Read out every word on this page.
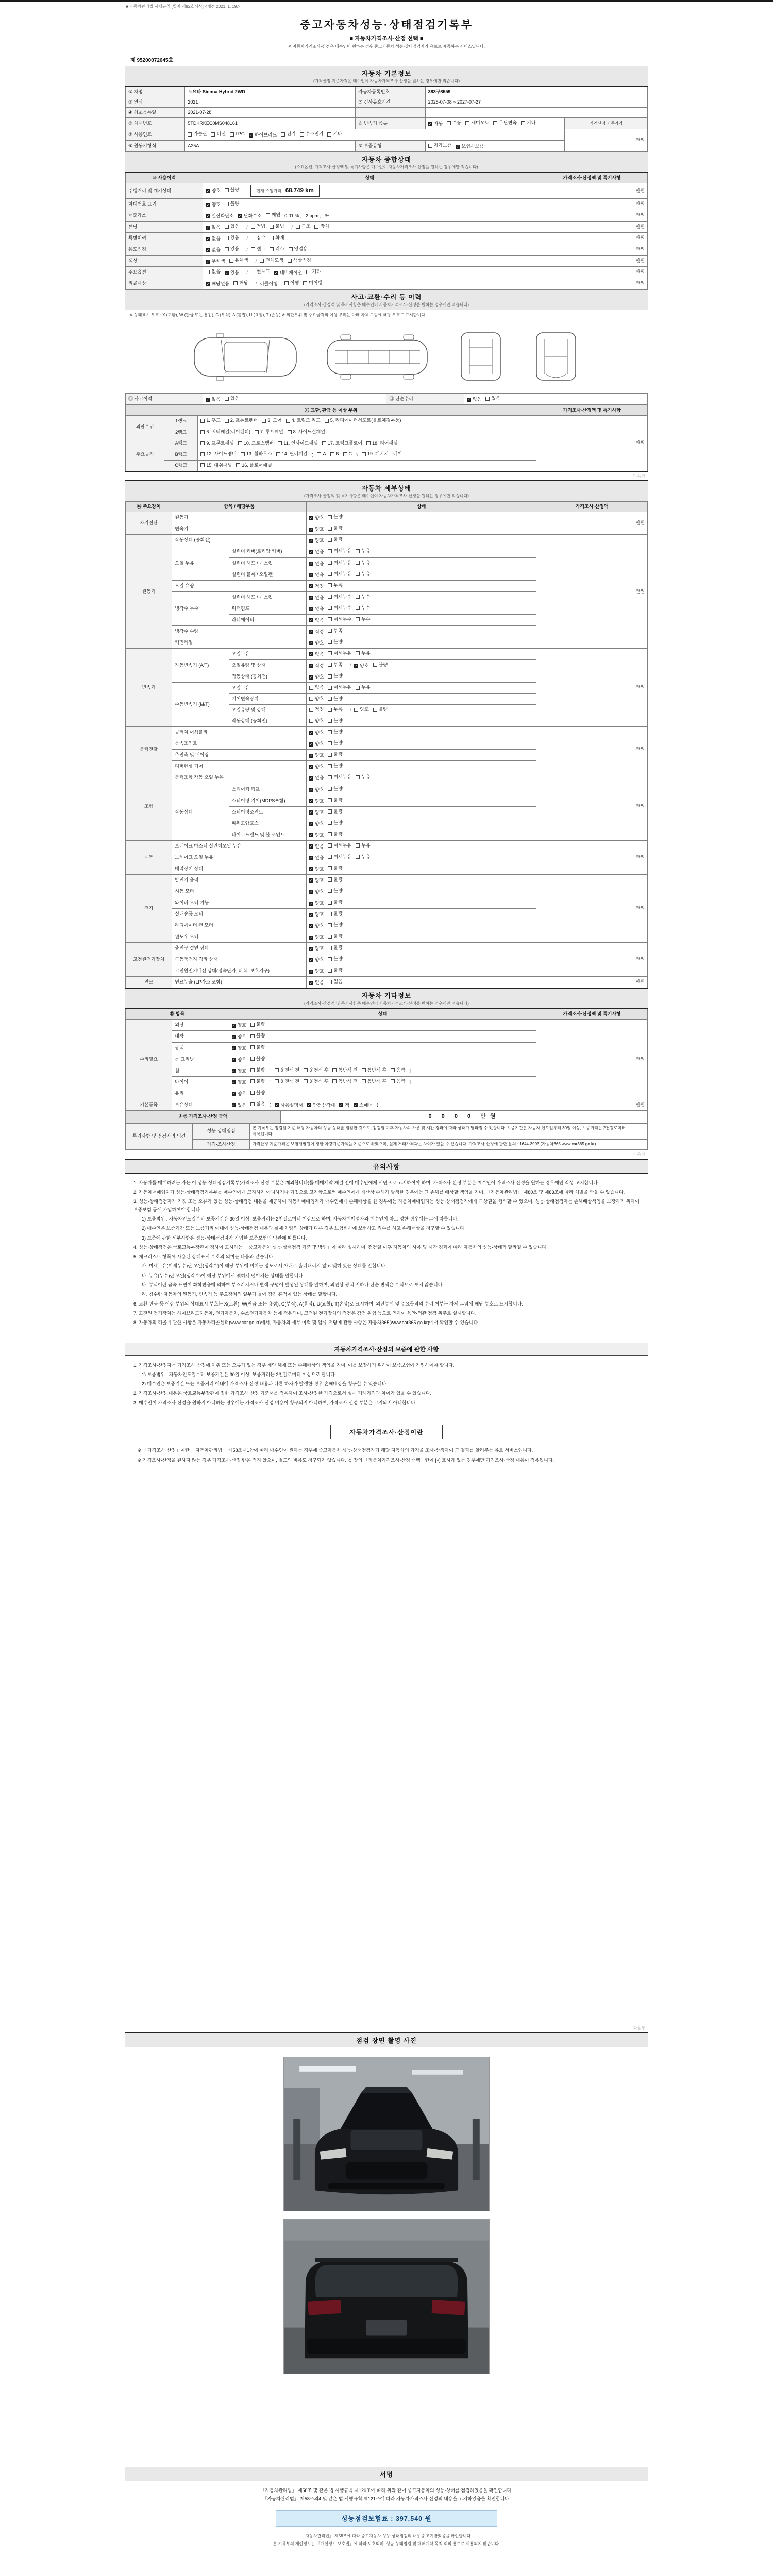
■ 자동차관리법 시행규칙 [별지 제82호서식] <개정 2021. 1. 19.>
중고자동차성능·상태점검기록부
■ 자동차가격조사·산정 선택 ■
※ 자동차가격조사·산정은 매수인이 원하는 경우 중고자동차 성능·상태점검자가 유료로 제공하는 서비스입니다.
제 95200072645호
자동차 기본정보
(가격산정 기준가격은 매수인이 자동차가격조사·산정을 원하는 경우에만 적습니다)
① 차명	토요타 Sienna Hybrid 2WD	자동차등록번호	383구8559	
② 연식	2021	③ 검사유효기간	2025-07-08 ~ 2027-07-27	
④ 최초등록일	2021-07-28			
⑤ 차대번호	5TDKRKEC0MS048161	⑥ 변속기 종류	✓ 자동 수동 세미오토 무단변속 기타	가격산정 기준가격
⑦ 사용연료	가솔린 디젤 LPG ✓ 하이브리드 전기 수소전기 기타
	만원
⑧ 원동기형식	A25A	⑨ 보증유형	자가보증 ✓ 보험사보증	
자동차 종합상태
(주요옵션, 가격조사·산정액 및 특기사항은 매수인이 자동차가격조사·산정을 원하는 경우에만 적습니다)
⑩ 사용이력	상태	가격조사·산정액 및 특기사항
주행거리 및 계기상태	✓ 양호 불량 현재 주행거리 68,749 km	만원
차대번호 표기	✓ 양호 불량	만원
배출가스	✓ 일산화탄소 ✓ 탄화수소 매연 0.01 % , 2 ppm , %	만원
튜닝	✓ 없음 있음 / 적법 불법 / 구조 장치	만원
특별이력	✓ 없음 있음 / 침수 화재	만원
용도변경	✓ 없음 있음 / 렌트 리스 영업용	만원
색상	✓ 무채색 유채색 / 전체도색 색상변경	만원
주요옵션	없음 ✓ 있음 / 썬루프 ✓ 네비게이션 기타	만원
리콜대상	✓ 해당없음 해당 / 리콜이행 : 이행 미이행	만원
사고·교환·수리 등 이력
(가격조사·산정액 및 특기사항은 매수인이 자동차가격조사·산정을 원하는 경우에만 적습니다)
※ 상태표시 부호 : X (교환), W (판금 또는 용접), C (부식), A (흠집), U (요철), T (손상) ※ 외판부위 및 주요골격의 이상 부위는 아래 차체 그림에 해당 부호로 표시합니다.
⑪ 사고이력	✓ 없음 있음	⑫ 단순수리	✓ 없음 있음
⑬ 교환, 판금 등 이상 부위			가격조사·산정액 및 특기사항
외판부위	1랭크	1. 후드 2. 프론트펜더 3. 도어 4. 트렁크 리드 5. 라디에이터서포트(볼트체결부품)	만원
	2랭크	6. 쿼터패널(리어펜더) 7. 루프패널 8. 사이드실패널	

주요골격	A랭크	9. 프론트패널 10. 크로스멤버 11. 인사이드패널 17. 트렁크플로어 18. 리어패널	

B랭크	12. 사이드멤버 13. 휠하우스 14. 필러패널 ( A B C ) 19. 패키지트레이

	C랭크	15. 대쉬패널 16. 플로어패널	
다음장
자동차 세부상태
(가격조사·산정액 및 특기사항은 매수인이 자동차가격조사·산정을 원하는 경우에만 적습니다)
⑭ 주요장치	항목 / 해당부품		상태	가격조사·산정액
자기진단	원동기		✓ 양호 불량	만원
	변속기		✓ 양호 불량	

원동기	작동상태 (공회전)		✓ 양호 불량	만원
	오일 누유	실린더 커버(로커암 커버)	✓ 없음 미세누유 누유	

		실린더 헤드 / 개스킷	✓ 없음 미세누유 누유	

		실린더 블록 / 오일팬	✓ 없음 미세누유 누유	

	오일 유량		✓ 적정 부족	

	냉각수 누수	실린더 헤드 / 개스킷	✓ 없음 미세누수 누수	

		워터펌프	✓ 없음 미세누수 누수	

		라디에이터	✓ 없음 미세누수 누수	

	냉각수 수량		✓ 적정 부족	

	커먼레일		✓ 양호 불량	

변속기	자동변속기 (A/T)	오일누유	✓ 없음 미세누유 누유	만원
오일유량 및 상태	✓ 적정 부족 / ✓ 양호 불량

		작동상태 (공회전)	✓ 양호 불량	

	수동변속기 (M/T)	오일누유	없음 미세누유 누유	

		기어변속장치	양호 불량	

		오일유량 및 상태	적정 부족 / 양호 불량	

		작동상태 (공회전)	양호 불량	

동력전달	클러치 어셈블리		✓ 양호 불량	만원
	등속조인트		✓ 양호 불량	

	추진축 및 베어링		✓ 양호 불량	

	디퍼렌셜 기어		✓ 양호 불량	

조향	동력조향 작동 오일 누유		✓ 없음 미세누유 누유	만원
	작동상태	스티어링 펌프	✓ 양호 불량	

		스티어링 기어(MDPS포함)	✓ 양호 불량	

		스티어링조인트	✓ 양호 불량	

		파워고압호스	✓ 양호 불량	

		타이로드엔드 및 볼 조인트	✓ 양호 불량	

제동	브레이크 마스터 실린더오일 누유		✓ 없음 미세누유 누유	만원
	브레이크 오일 누유		✓ 없음 미세누유 누유	

	배력장치 상태		✓ 양호 불량	

전기	발전기 출력		✓ 양호 불량	만원
	시동 모터		✓ 양호 불량	

	와이퍼 모터 기능		✓ 양호 불량	

	실내송풍 모터		✓ 양호 불량	

	라디에이터 팬 모터		✓ 양호 불량	

	윈도우 모터		✓ 양호 불량	

고전원전기장치	충전구 절연 상태		✓ 양호 불량	만원
	구동축전지 격리 상태		✓ 양호 불량	

	고전원전기배선 상태(접속단자, 피복, 보호기구)		✓ 양호 불량	

연료	연료누출 (LP가스 포함)		✓ 없음 있음	만원
자동차 기타정보
(가격조사·산정액 및 특기사항은 매수인이 자동차가격조사·산정을 원하는 경우에만 적습니다)
⑮ 항목		상태	가격조사·산정액 및 특기사항
수리필요	외장	✓ 양호 불량	만원
	내장	✓ 양호 불량	

	광택	✓ 양호 불량	

	룸 크리닝	✓ 양호 불량	

휠	✓ 양호 불량 [ 운전석 전 운전석 후 동반석 전 동반석 후 응급 ]
타이어	✓ 양호 불량 [ 운전석 전 운전석 후 동반석 전 동반석 후 응급 ]
	유리	✓ 양호 불량	

기본품목	보유상태	✓ 있음 없음 ( ✓ 사용설명서 ✓ 안전삼각대 ✓ 잭 ✓ 스패너 )	만원
최종 가격조사·산정 금액	0 0 0 0 만원
특기사항 및 점검자의 의견	성능·상태점검	본 기록부는 점검일 기준 해당 자동차의 성능·상태를 점검한 것으로, 점검일 이후 자동차의 사용 및 시간 경과에 따라 상태가 달라질 수 있습니다. 보증기간은 자동차 인도일부터 30일 이상, 보증거리는 2천킬로미터 이상입니다.
	가격·조사산정	가격산정 기준가격은 보험개발원이 정한 차량기준가액을 기준으로 하였으며, 실제 거래가격과는 차이가 있을 수 있습니다. 가격조사·산정에 관한 문의 : 1644-3993 (자동차365 www.car365.go.kr)
다음장
유의사항
1. 자동차를 매매하려는 자는 이 성능·상태점검기록부(가격조사·산정 부분은 제외합니다)를 매매계약 체결 전에 매수인에게 서면으로 고지하여야 하며, 가격조사·산정 부분은 매수인이 가격조사·산정을 원하는 경우에만 작성·고지합니다.
2. 자동차매매업자가 성능·상태점검기록부를 매수인에게 고지하지 아니하거나 거짓으로 고지함으로써 매수인에게 재산상 손해가 발생한 경우에는 그 손해를 배상할 책임을 지며, 「자동차관리법」 제80조 및 제83조에 따라 처벌을 받을 수 있습니다.
3. 성능·상태점검자가 거짓 또는 오류가 있는 성능·상태점검 내용을 제공하여 자동차매매업자가 매수인에게 손해배상을 한 경우에는 자동차매매업자는 성능·상태점검자에게 구상권을 행사할 수 있으며, 성능·상태점검자는 손해배상책임을 보장하기 위하여 보증보험 등에 가입하여야 합니다.
1) 보증범위 : 자동차인도일부터 보증기간은 30일 이상, 보증거리는 2천킬로미터 이상으로 하며, 자동차매매업자와 매수인이 따로 정한 경우에는 그에 따릅니다.
2) 매수인은 보증기간 또는 보증거리 이내에 성능·상태점검 내용과 실제 차량의 상태가 다른 경우 보험회사에 보험사고 접수를 하고 손해배상을 청구할 수 있습니다.
3) 보증에 관한 세부사항은 성능·상태점검자가 가입한 보증보험의 약관에 따릅니다.
4. 성능·상태점검은 국토교통부장관이 정하여 고시하는 「중고자동차 성능·상태점검 기준 및 방법」에 따라 실시하며, 점검일 이후 자동차의 사용 및 시간 경과에 따라 자동차의 성능·상태가 달라질 수 있습니다.
5. 체크리스트 항목에 사용된 상태표시 부호의 의미는 다음과 같습니다.
가. 미세누유(미세누수)란 오일(냉각수)이 해당 부위에 비치는 정도로서 아래로 흘러내리지 않고 맺혀 있는 상태를 말합니다.
나. 누유(누수)란 오일(냉각수)이 해당 부위에서 맺혀서 떨어지는 상태를 말합니다.
다. 부식이란 금속 표면이 화학반응에 의하여 부스러지거나 변색·구멍이 발생된 상태를 말하며, 외관상 광택 저하나 단순 변색은 부식으로 보지 않습니다.
라. 침수란 자동차의 원동기, 변속기 등 주요장치의 일부가 물에 잠긴 흔적이 있는 상태를 말합니다.
6. 교환·판금 등 이상 부위의 상태표시 부호는 X(교환), W(판금 또는 용접), C(부식), A(흠집), U(요철), T(손상)로 표시하며, 외판부위 및 주요골격의 수리 여부는 차체 그림에 해당 부호로 표시합니다.
7. 고전원 전기장치는 하이브리드자동차, 전기자동차, 수소전기자동차 등에 적용되며, 고전원 전기장치의 점검은 감전 위험 등으로 인하여 육안·외관 점검 위주로 실시합니다.
8. 자동차의 리콜에 관한 사항은 자동차리콜센터(www.car.go.kr)에서, 자동차의 세부 이력 및 압류·저당에 관한 사항은 자동차365(www.car365.go.kr)에서 확인할 수 있습니다.
자동차가격조사·산정의 보증에 관한 사항
1. 가격조사·산정자는 가격조사·산정에 허위 또는 오류가 있는 경우 계약 해제 또는 손해배상의 책임을 지며, 이를 보장하기 위하여 보증보험에 가입하여야 합니다.
1) 보증범위 : 자동차인도일부터 보증기간은 30일 이상, 보증거리는 2천킬로미터 이상으로 합니다.
2) 매수인은 보증기간 또는 보증거리 이내에 가격조사·산정 내용과 다른 하자가 발생한 경우 손해배상을 청구할 수 있습니다.
2. 가격조사·산정 내용은 국토교통부장관이 정한 가격조사·산정 기준서를 적용하여 조사·산정한 가격으로서 실제 거래가격과 차이가 있을 수 있습니다.
3. 매수인이 가격조사·산정을 원하지 아니하는 경우에는 가격조사·산정 비용이 청구되지 아니하며, 가격조사·산정 부분은 고지되지 아니합니다.
자동차가격조사·산정이란
※ 「가격조사·산정」이란 「자동차관리법」 제58조제1항에 따라 매수인이 원하는 경우에 중고자동차 성능·상태점검자가 해당 자동차의 가격을 조사·산정하여 그 결과를 알려주는 유료 서비스입니다.
※ 가격조사·산정을 원하지 않는 경우 가격조사·산정 란은 적지 않으며, 별도의 비용도 청구되지 않습니다. 첫 장의 「자동차가격조사·산정 선택」란에 [√] 표시가 있는 경우에만 가격조사·산정 내용이 적용됩니다.
다음장
점검 장면 촬영 사진
서명
「자동차관리법」 제58조 및 같은 법 시행규칙 제120조에 따라 위와 같이 중고자동차의 성능·상태를 점검하였음을 확인합니다.
「자동차관리법」 제58조의4 및 같은 법 시행규칙 제121조에 따라 자동차가격조사·산정의 내용을 고지하였음을 확인합니다.
성능점검보험료 : 397,540 원
「자동차관리법」 제58조에 따라 중고자동차 성능·상태점검의 내용을 고지받았음을 확인합니다.
본 기록부의 개인정보는 「개인정보 보호법」에 따라 보호되며, 성능·상태점검 및 매매계약 목적 외의 용도로 이용되지 않습니다.
